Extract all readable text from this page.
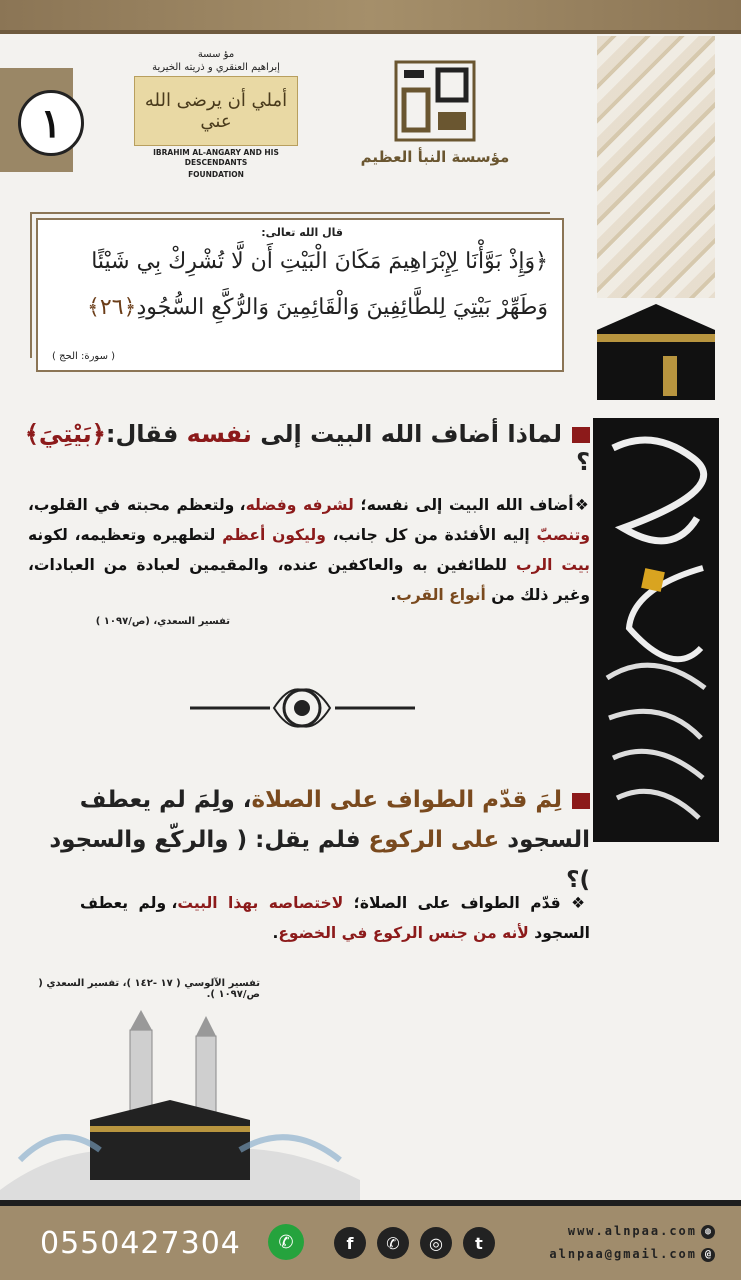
١
مؤ سسة
إبراهيم العنقري و ذريته الخيرية
أملي أن يرضى الله عني
IBRAHIM AL-ANGARY AND HIS DESCENDANTS
FOUNDATION
مؤسسة النبأ العظيم
قال الله تعالى:
﴿وَإِذْ بَوَّأْنَا لِإِبْرَاهِيمَ مَكَانَ الْبَيْتِ أَن لَّا تُشْرِكْ بِي شَيْئًا
وَطَهِّرْ بَيْتِيَ لِلطَّائِفِينَ وَالْقَائِمِينَ وَالرُّكَّعِ السُّجُودِ﴿٢٦﴾
( سورة: الحج )
لماذا أضاف الله البيت إلى نفسه فقال:﴿بَيْتِيَ﴾ ؟
❖أضاف الله البيت إلى نفسه؛ لشرفه وفضله، ولتعظم محبته في القلوب، وتنصبّ إليه الأفئدة من كل جانب، وليكون أعظم لتطهيره وتعظيمه، لكونه بيت الرب للطائفين به والعاكفين عنده، والمقيمين لعبادة من العبادات، وغير ذلك من أنواع القرب.
تفسير السعدي، (ص/١٠٩٧ )
لِمَ قدّم الطواف على الصلاة، ولِمَ لم يعطف السجود على الركوع فلم يقل: ( والركّع والسجود )؟
❖ قدّم الطواف على الصلاة؛ لاختصاصه بهذا البيت، ولم يعطف السجود لأنه من جنس الركوع في الخضوع.
تفسير الآلوسي ( ١٧ -١٤٢ )، تفسير السعدي ( ص/١٠٩٧ ).
0550427304	✆	f	✆	◎	t
www.alnpaa.com ◍
alnpaa@gmail.com @
